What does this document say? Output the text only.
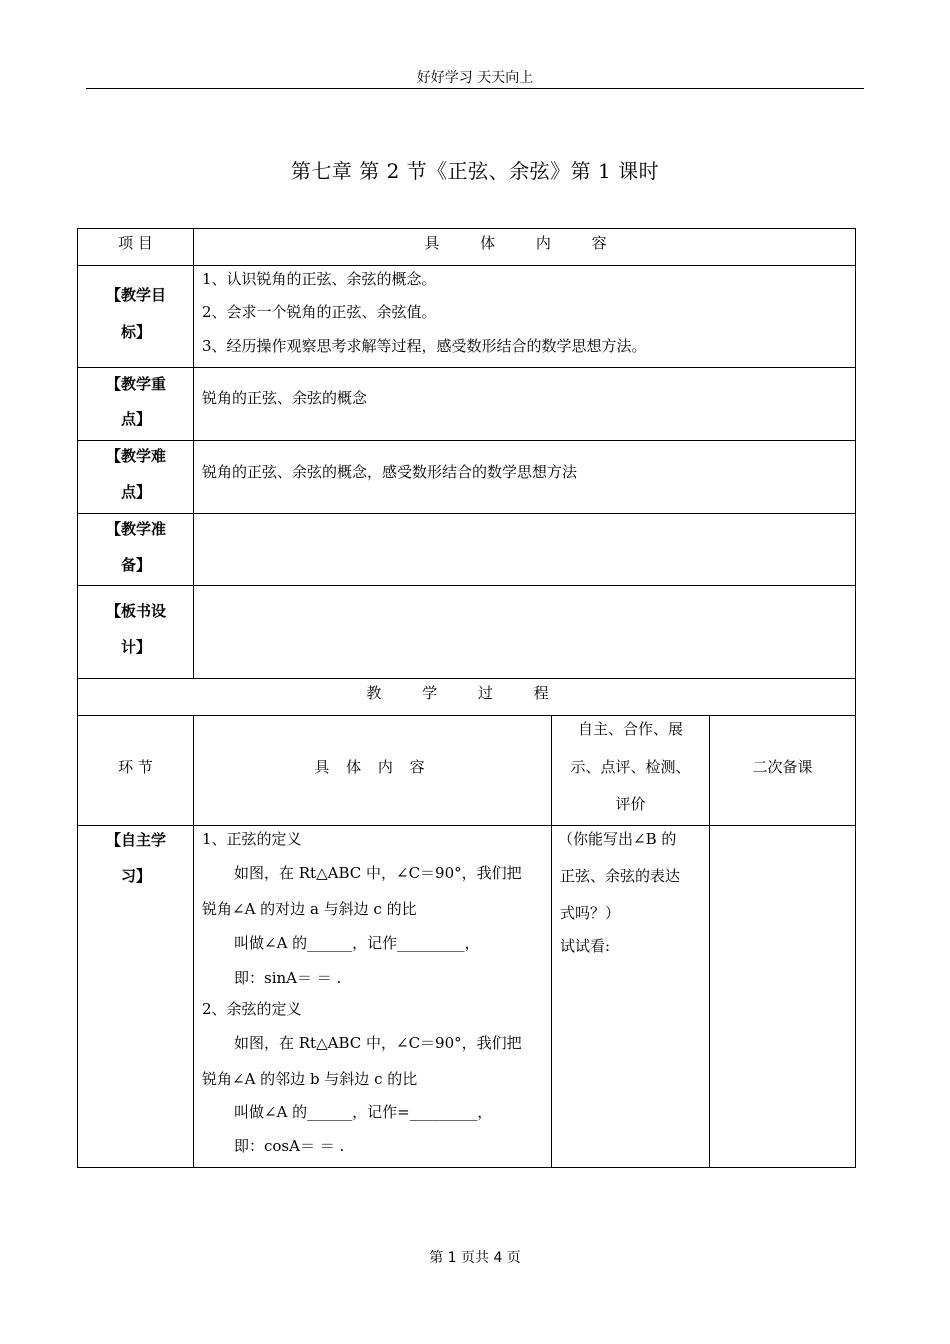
好好学习 天天向上
第七章 第 2 节《正弦、余弦》第 1 课时
项 目	具 体 内 容
【教学目
标】
1、认识锐角的正弦、余弦的概念。
2、会求一个锐角的正弦、余弦值。
3、经历操作观察思考求解等过程，感受数形结合的数学思想方法。
【教学重
点】
锐角的正弦、余弦的概念
【教学难
点】
锐角的正弦、余弦的概念，感受数形结合的数学思想方法
【教学准
备】
【板书设
计】
教 学 过 程
环 节	具 体 内 容
自主、合作、展
示、点评、检测、
评价
二次备课
【自主学
习】
1、正弦的定义
如图，在 Rt△ABC 中，∠C＝90°，我们把
锐角∠A 的对边 a 与斜边 c 的比
叫做∠A 的______，记作_________，
即：sinA＝ ＝ .
2、余弦的定义
如图，在 Rt△ABC 中，∠C＝90°，我们把
锐角∠A 的邻边 b 与斜边 c 的比
叫做∠A 的______，记作=_________，
即：cosA＝ ＝ .
（你能写出∠B 的
正弦、余弦的表达
式吗？）
试试看:
第 1 页共 4 页
